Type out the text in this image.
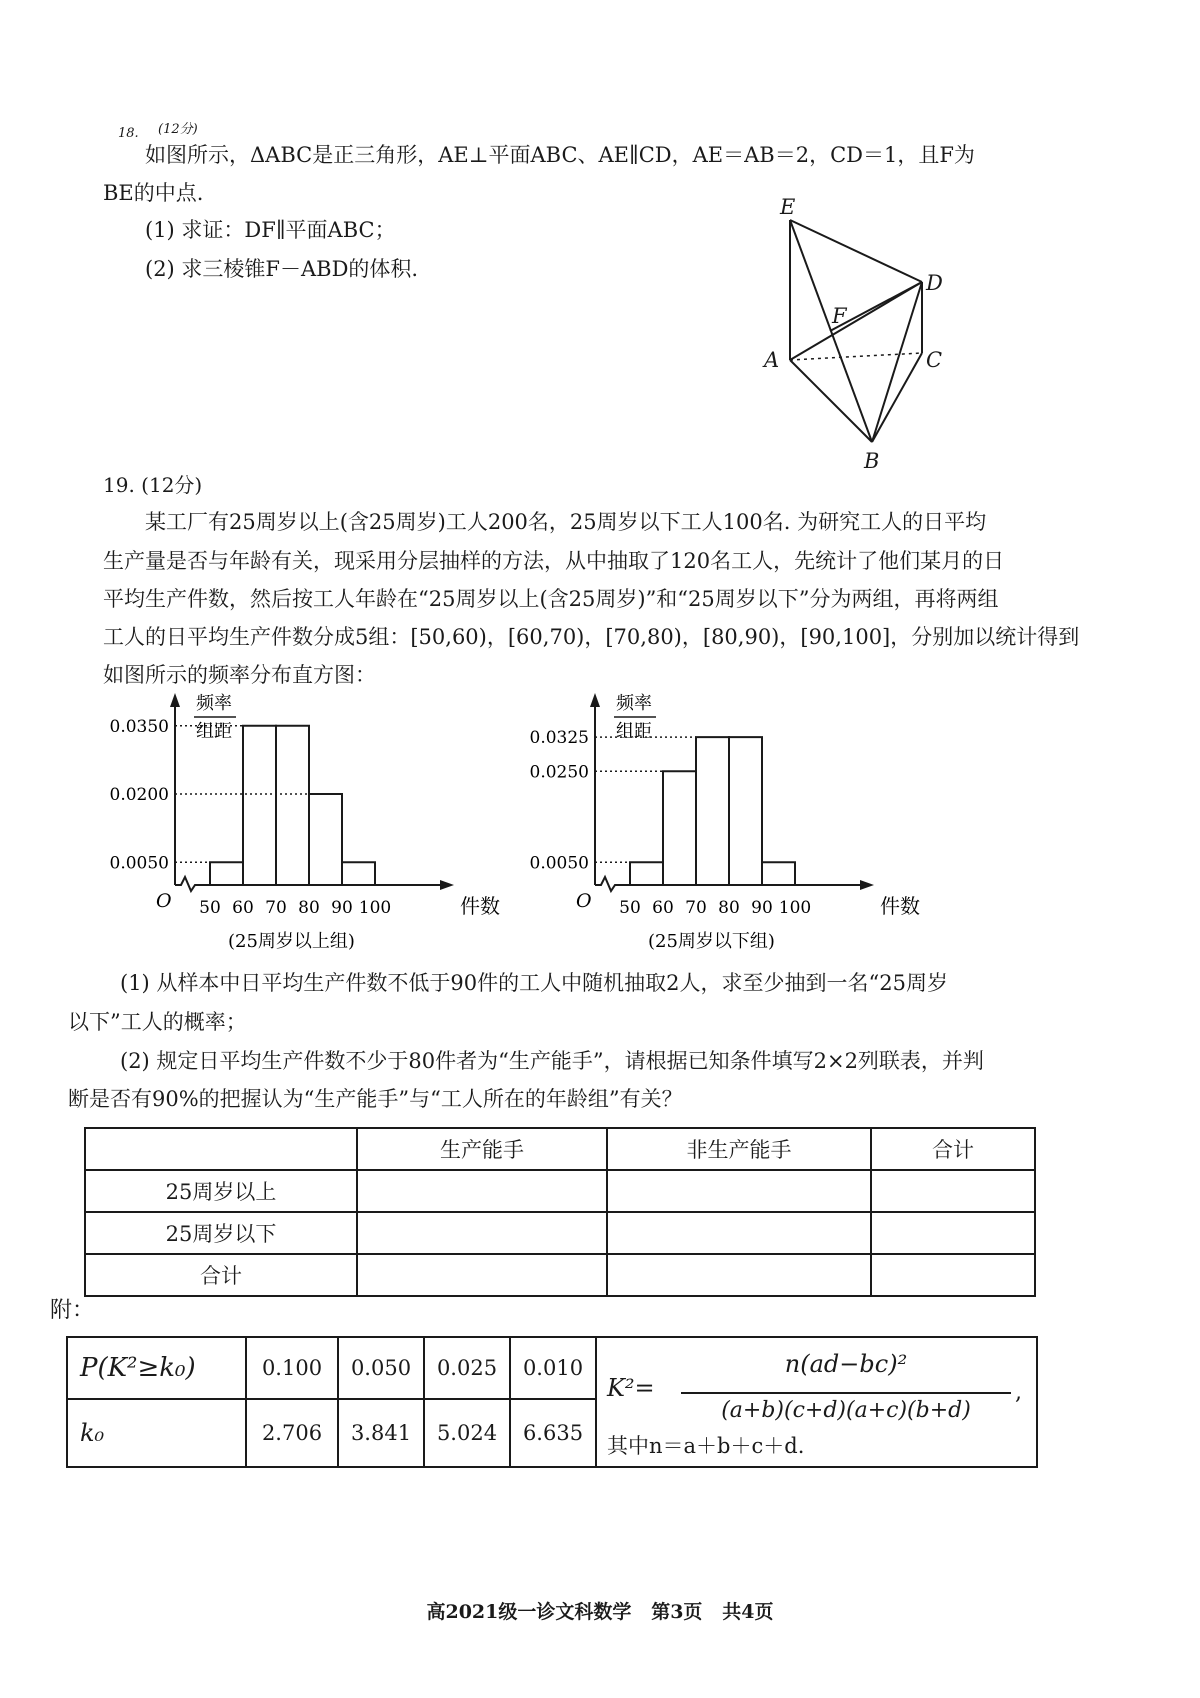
18. (12分)
如图所示，ΔABC是正三角形，AE⊥平面ABC、AE∥CD，AE＝AB＝2，CD＝1，且F为
BE的中点.
(1) 求证：DF∥平面ABC；
(2) 求三棱锥F－ABD的体积.
E
D
F
A	C
B
19. (12分)
某工厂有25周岁以上(含25周岁)工人200名，25周岁以下工人100名. 为研究工人的日平均
生产量是否与年龄有关，现采用分层抽样的方法，从中抽取了120名工人，先统计了他们某月的日
平均生产件数，然后按工人年龄在“25周岁以上(含25周岁)”和“25周岁以下”分为两组，再将两组
工人的日平均生产件数分成5组：[50,60)，[60,70)，[70,80)，[80,90)，[90,100]，分别加以统计得到
如图所示的频率分布直方图：
频率
组距
件数
O
(25周岁以上组)
0.0350
0.0200
0.0050
50 60 70 80 90 100
频率
组距
件数
O
(25周岁以下组)
0.0325
0.0250
0.0050
50 60 70 80 90 100
(1) 从样本中日平均生产件数不低于90件的工人中随机抽取2人，求至少抽到一名“25周岁
以下”工人的概率；
(2) 规定日平均生产件数不少于80件者为“生产能手”，请根据已知条件填写2×2列联表，并判
断是否有90%的把握认为“生产能手”与“工人所在的年龄组”有关？
	生产能手	非生产能手	合计
25周岁以上			
25周岁以下			
合计			
附：
P(K²≥k₀)	0.100	0.050	0.025	0.010	K²=
n(ad−bc)²
(a+b)(c+d)(a+c)(b+d)
,
其中n＝a＋b＋c＋d.

k₀	2.706	3.841	5.024	6.635	
高2021级一诊文科数学   第3页   共4页
